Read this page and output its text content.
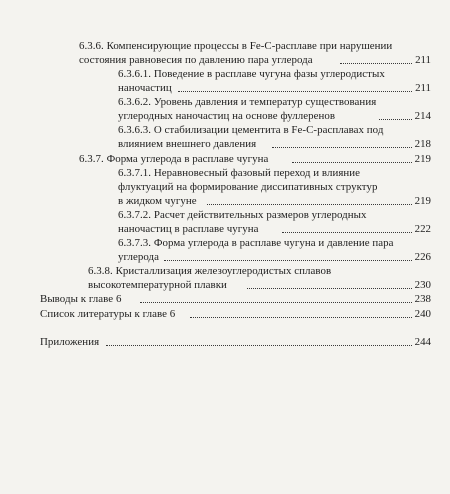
6.3.6. Компенсирующие процессы в Fe-C-расплаве при нарушении
состояния равновесия по давлению пара углерода	211
6.3.6.1. Поведение в расплаве чугуна фазы углеродистых
наночастиц	211
6.3.6.2. Уровень давления и температур существования
углеродных наночастиц на основе фуллеренов	214
6.3.6.3. О стабилизации цементита в Fe-C-расплавах под
влиянием внешнего давления	218
6.3.7. Форма углерода в расплаве чугуна	219
6.3.7.1. Неравновесный фазовый переход и влияние
флуктуаций на формирование диссипативных структур
в жидком чугуне	219
6.3.7.2. Расчет действительных размеров углеродных
наночастиц в расплаве чугуна	222
6.3.7.3. Форма углерода в расплаве чугуна и давление пара
углерода	226
6.3.8. Кристаллизация железоуглеродистых сплавов
высокотемпературной плавки	230
Выводы к главе 6	238
Список литературы к главе 6	240
Приложения	244
